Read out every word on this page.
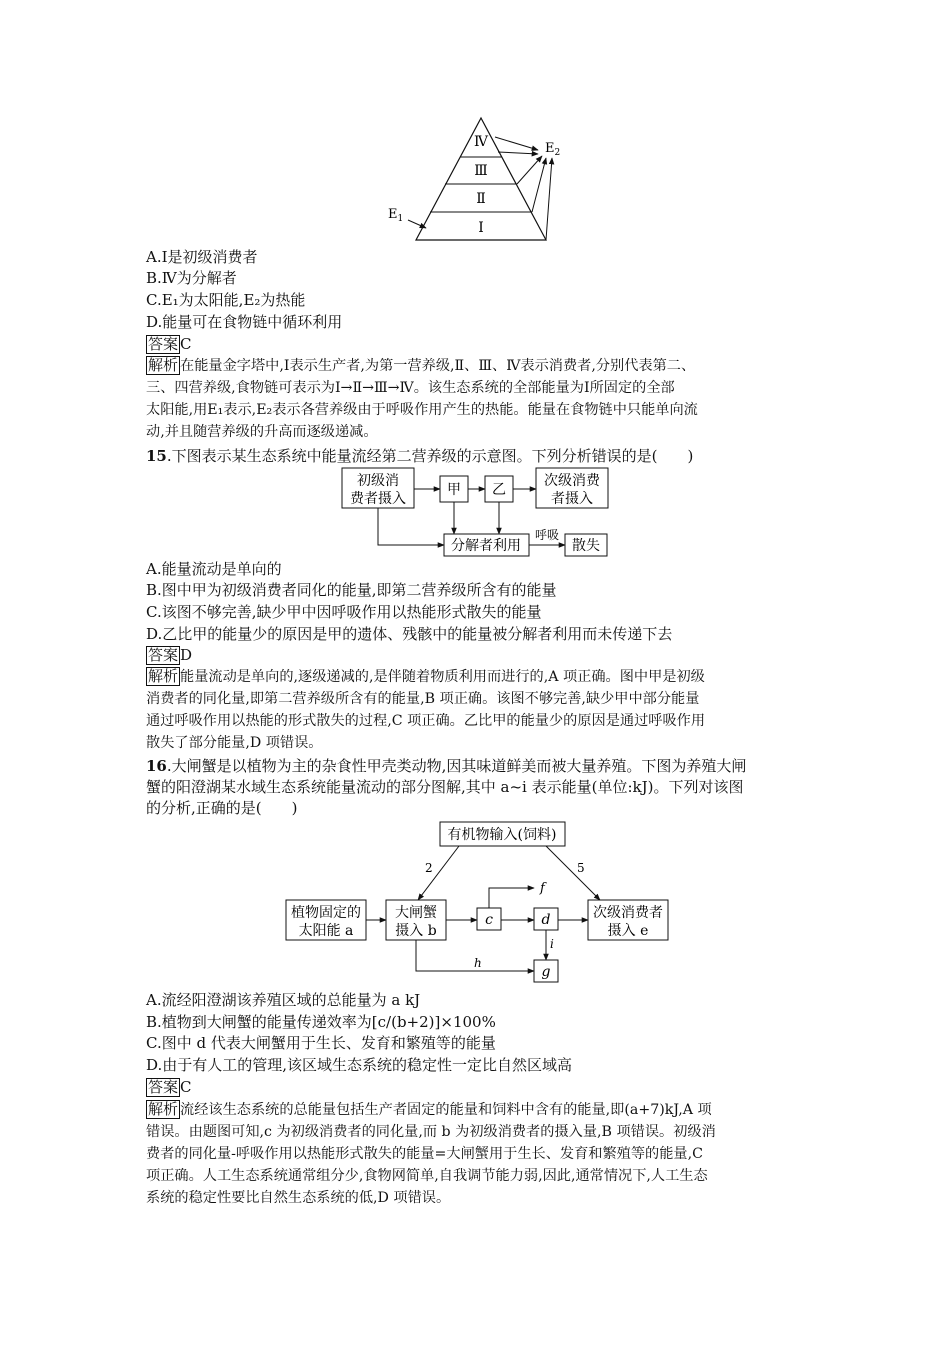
Ⅳ
Ⅲ
Ⅱ
Ⅰ
$E_2$
$E_1$
A.Ⅰ是初级消费者
B.Ⅳ为分解者
C.E₁为太阳能,E₂为热能
D.能量可在食物链中循环利用
答案 C
解析 在能量金字塔中,Ⅰ表示生产者,为第一营养级,Ⅱ、Ⅲ、Ⅳ表示消费者,分别代表第二、
三、四营养级,食物链可表示为Ⅰ→Ⅱ→Ⅲ→Ⅳ。该生态系统的全部能量为Ⅰ所固定的全部
太阳能,用E₁表示,E₂表示各营养级由于呼吸作用产生的热能。能量在食物链中只能单向流
动,并且随营养级的升高而逐级递减。
15.下图表示某生态系统中能量流经第二营养级的示意图。下列分析错误的是(　　)
初级消
费者摄入
甲 乙
次级消费
者摄入
分解者利用
呼吸
散失
A.能量流动是单向的
B.图中甲为初级消费者同化的能量,即第二营养级所含有的能量
C.该图不够完善,缺少甲中因呼吸作用以热能形式散失的能量
D.乙比甲的能量少的原因是甲的遗体、残骸中的能量被分解者利用而未传递下去
答案 D
解析 能量流动是单向的,逐级递减的,是伴随着物质利用而进行的,A 项正确。图中甲是初级
消费者的同化量,即第二营养级所含有的能量,B 项正确。该图不够完善,缺少甲中部分能量
通过呼吸作用以热能的形式散失的过程,C 项正确。乙比甲的能量少的原因是通过呼吸作用
散失了部分能量,D 项错误。
16.大闸蟹是以植物为主的杂食性甲壳类动物,因其味道鲜美而被大量养殖。下图为养殖大闸
蟹的阳澄湖某水域生态系统能量流动的部分图解,其中 a~i 表示能量(单位:kJ)。下列对该图
的分析,正确的是(　　)
有机物输入(饲料)
植物固定的
太阳能 a
大闸蟹
摄入 b
c	d
g
次级消费者
摄入 e
f
i
h
2	5
A.流经阳澄湖该养殖区域的总能量为 a kJ
B.植物到大闸蟹的能量传递效率为[c/(b+2)]×100%
C.图中 d 代表大闸蟹用于生长、发育和繁殖等的能量
D.由于有人工的管理,该区域生态系统的稳定性一定比自然区域高
答案 C
解析 流经该生态系统的总能量包括生产者固定的能量和饲料中含有的能量,即(a+7)kJ,A 项
错误。由题图可知,c 为初级消费者的同化量,而 b 为初级消费者的摄入量,B 项错误。初级消
费者的同化量-呼吸作用以热能形式散失的能量=大闸蟹用于生长、发育和繁殖等的能量,C
项正确。人工生态系统通常组分少,食物网简单,自我调节能力弱,因此,通常情况下,人工生态
系统的稳定性要比自然生态系统的低,D 项错误。
